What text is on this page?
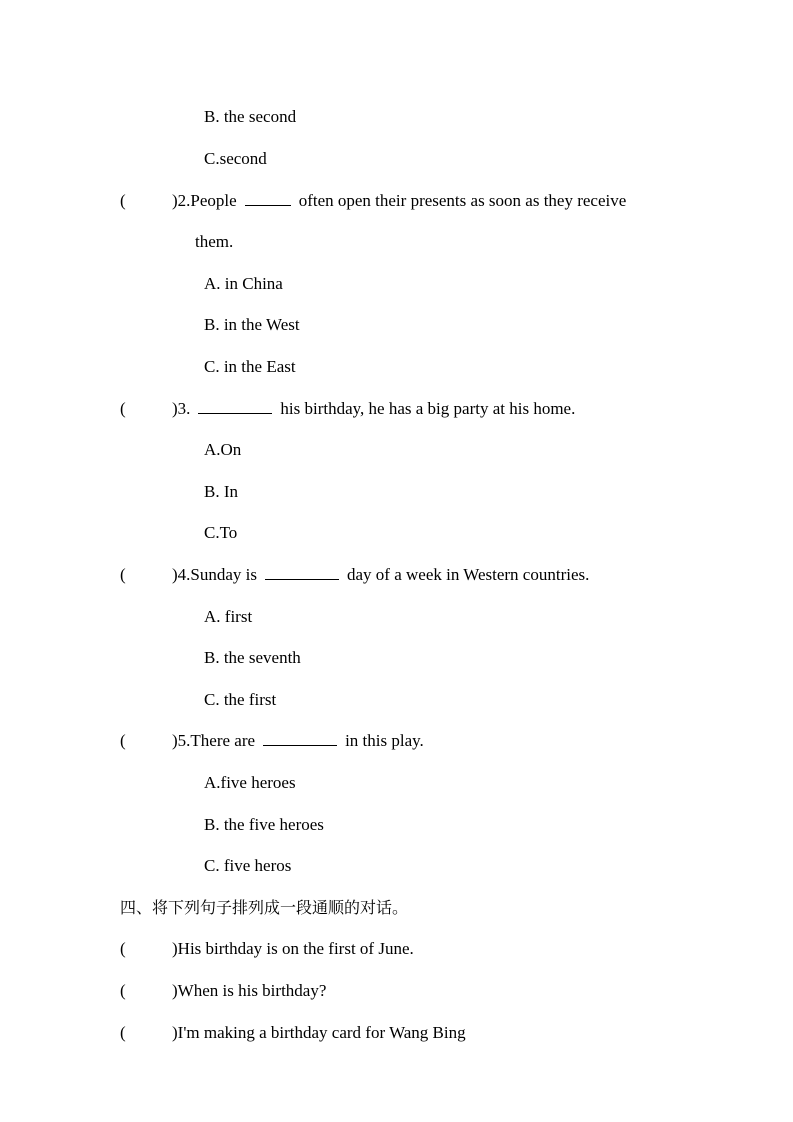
B. the second
C.second
(	)2.People	often open their presents as soon as they receive
them.
A. in China
B. in the West
C. in the East
(	)3.	his birthday, he has a big party at his home.
A.On
B. In
C.To
(	)4.Sunday is	day of a week in Western countries.
A. first
B. the seventh
C. the first
(	)5.There are	in this play.
A.five heroes
B. the five heroes
C. five heros
四、将下列句子排列成一段通顺的对话。
(	)His birthday is on the first of June.
(	)When is his birthday?
(	)I'm making a birthday card for Wang Bing
